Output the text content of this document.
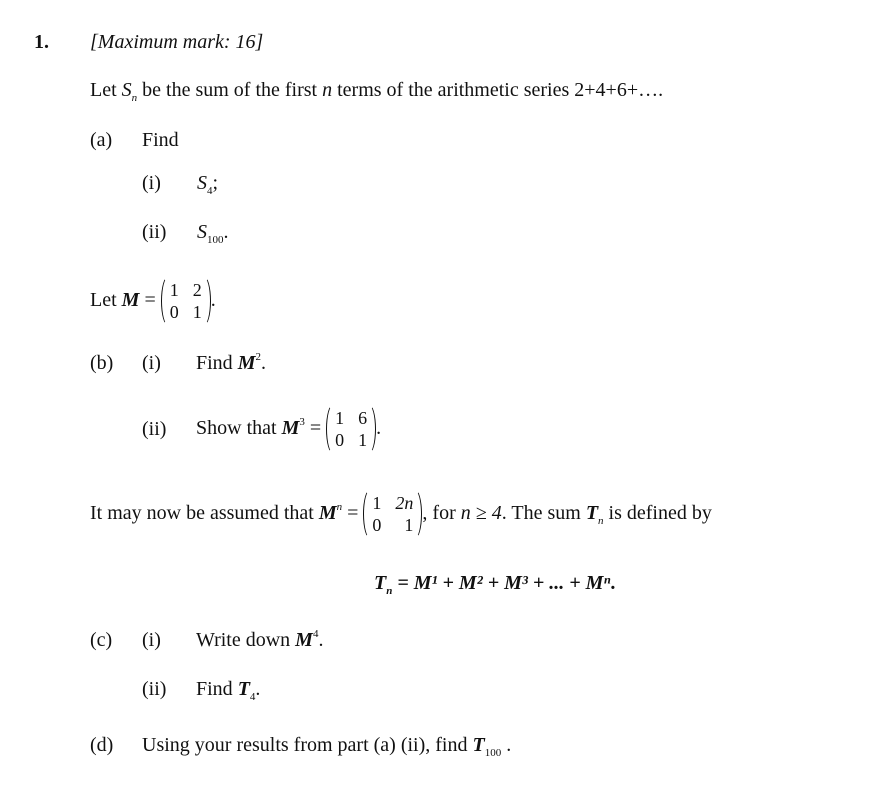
1. [Maximum mark: 16]
Let $S_n$ be the sum of the first n terms of the arithmetic series 2+4+6+….
(a) Find
(i) $S_4$;
(ii) $S_{100}$.
Let M = 1 2
0 1
.
(b) (i) Find $M^2$.
(ii) Show that $M^3 = 1$ 6
0 1
.
It may now be assumed that $M^n = 1$ 2n
0 1
, for n ≥ 4. The sum $T_n$ is defined by
$T_n = M^1 + M^2 + M^3$ + ... + Mⁿ.
(c) (i) Write down $M^4$.
(ii) Find $T_4$.
(d) Using your results from part (a) (ii), find $T_{100}$ .
